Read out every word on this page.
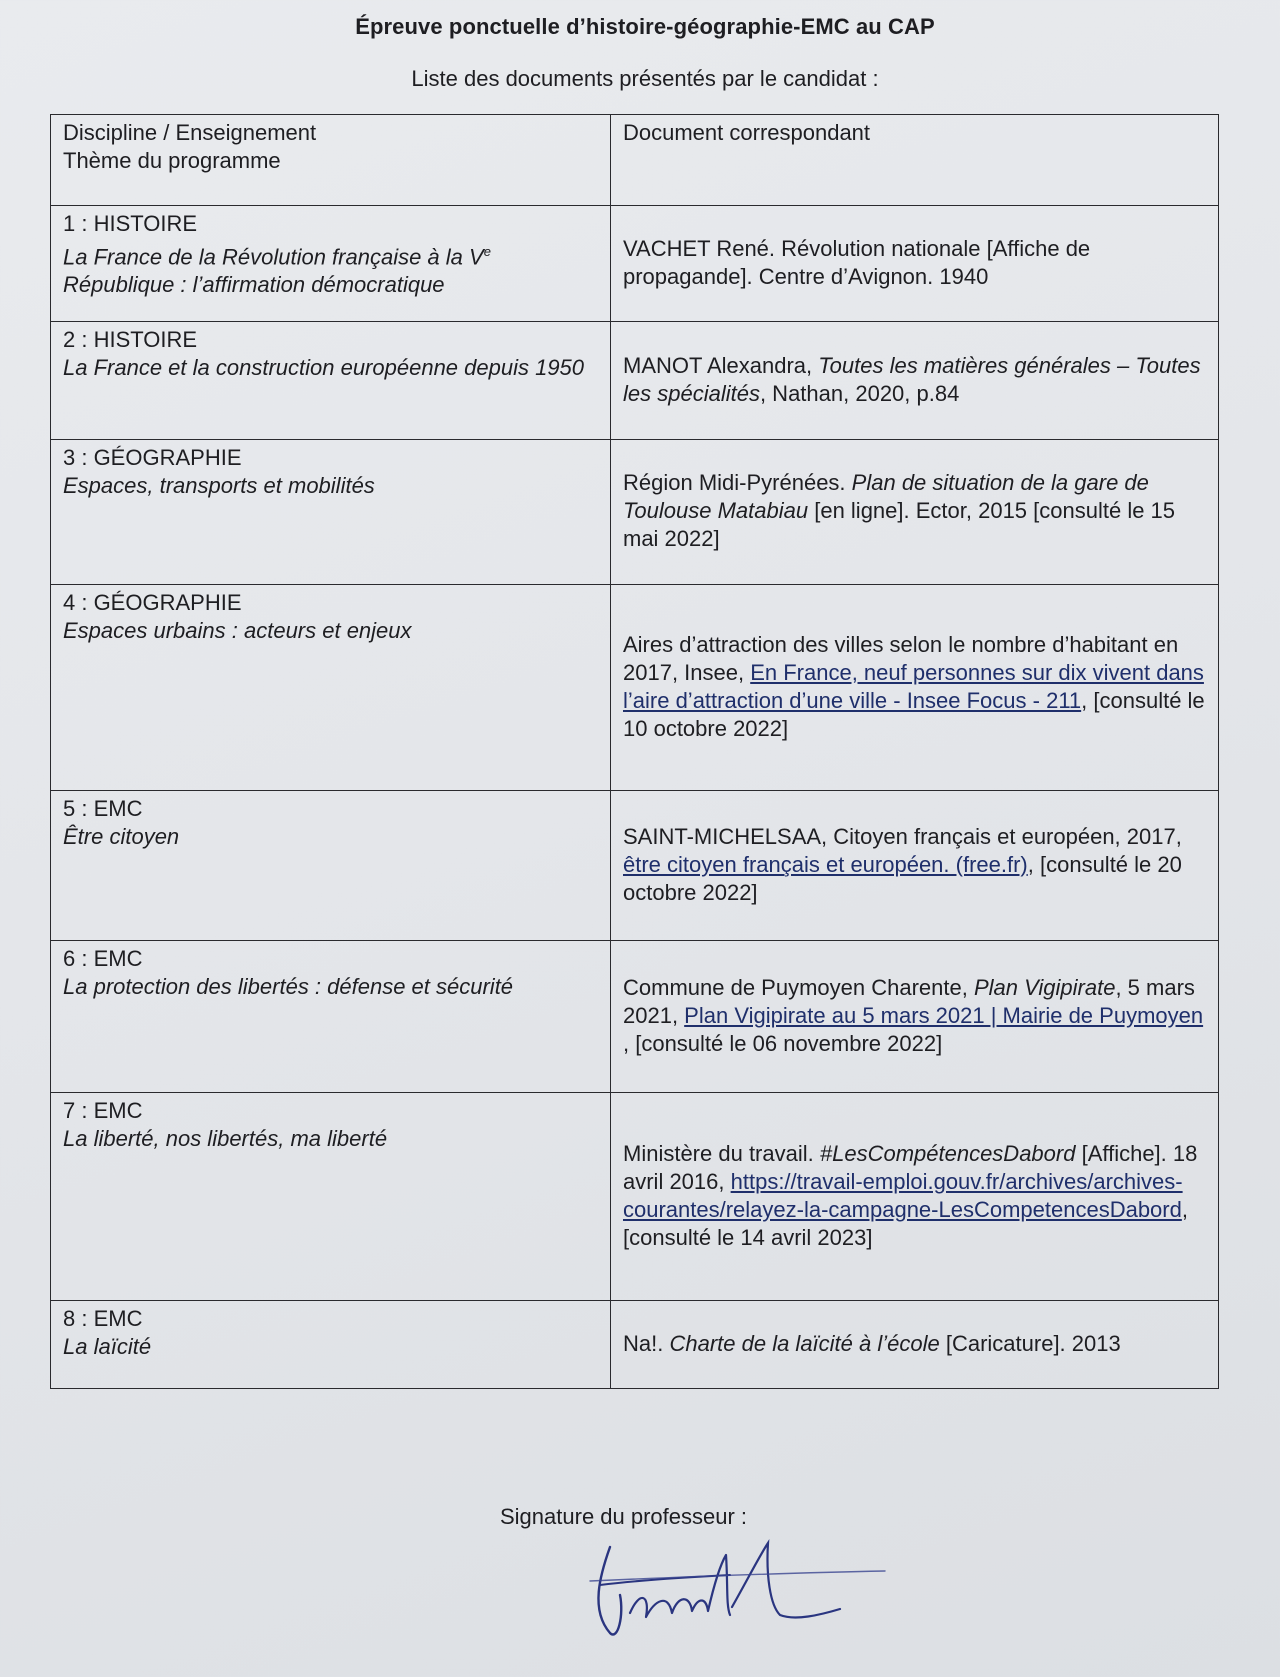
Épreuve ponctuelle d’histoire-géographie-EMC au CAP
Liste des documents présentés par le candidat :
Discipline / Enseignement
Thème du programme	Document correspondant

1 : HISTOIRE
La France de la Révolution française à la Ve République : l’affirmation démocratique	VACHET René. Révolution nationale [Affiche de propagande]. Centre d’Avignon. 1940

2 : HISTOIRE
La France et la construction européenne depuis 1950	MANOT Alexandra, Toutes les matières générales – Toutes les spécialités, Nathan, 2020, p.84

3 : GÉOGRAPHIE
Espaces, transports et mobilités	Région Midi-Pyrénées. Plan de situation de la gare de Toulouse Matabiau [en ligne]. Ector, 2015 [consulté le 15 mai 2022]

4 : GÉOGRAPHIE
Espaces urbains : acteurs et enjeux	Aires d’attraction des villes selon le nombre d’habitant en 2017, Insee, En France, neuf personnes sur dix vivent dans l’aire d’attraction d’une ville - Insee Focus - 211, [consulté le 10 octobre 2022]

5 : EMC
Être citoyen	SAINT-MICHELSAA, Citoyen français et européen, 2017, être citoyen français et européen. (free.fr), [consulté le 20 octobre 2022]

6 : EMC
La protection des libertés : défense et sécurité	Commune de Puymoyen Charente, Plan Vigipirate, 5 mars 2021, Plan Vigipirate au 5 mars 2021 | Mairie de Puymoyen , [consulté le 06 novembre 2022]

7 : EMC
La liberté, nos libertés, ma liberté	Ministère du travail. #LesCompétencesDabord [Affiche]. 18 avril 2016, https://travail-emploi.gouv.fr/archives/archives-courantes/relayez-la-campagne-LesCompetencesDabord, [consulté le 14 avril 2023]

8 : EMC
La laïcité	Na!. Charte de la laïcité à l’école [Caricature]. 2013
Signature du professeur :
